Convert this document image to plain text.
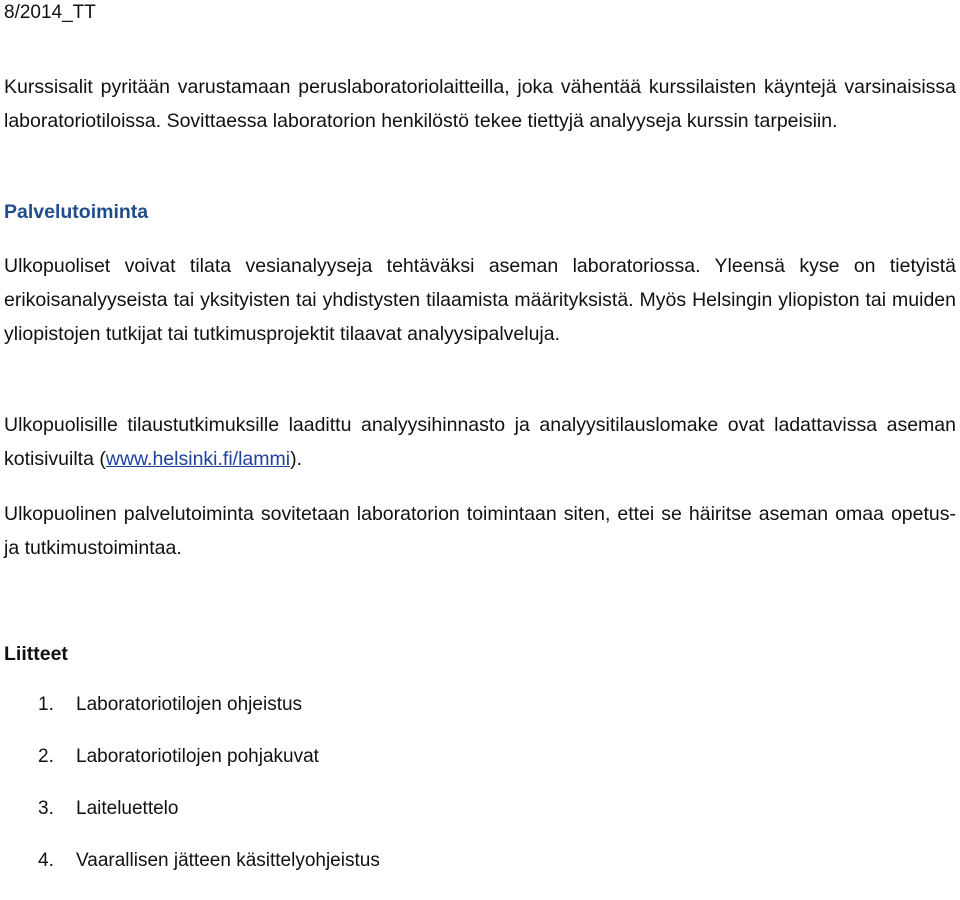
8/2014_TT

Kurssisalit pyritään varustamaan peruslaboratoriolaitteilla, joka vähentää kurssilaisten käyntejä varsinaisissa laboratoriotiloissa. Sovittaessa laboratorion henkilöstö tekee tiettyjä analyyseja kurssin tarpeisiin.

Palvelutoiminta

Ulkopuoliset voivat tilata vesianalyyseja tehtäväksi aseman laboratoriossa. Yleensä kyse on tietyistä erikoisanalyyseista tai yksityisten tai yhdistysten tilaamista määrityksistä. Myös Helsingin yliopiston tai muiden yliopistojen tutkijat tai tutkimusprojektit tilaavat analyysipalveluja.

Ulkopuolisille tilaustutkimuksille laadittu analyysihinnasto ja analyysitilauslomake ovat ladattavissa aseman kotisivuilta (www.helsinki.fi/lammi).

Ulkopuolinen palvelutoiminta sovitetaan laboratorion toimintaan siten, ettei se häiritse aseman omaa opetus- ja tutkimustoimintaa.

Liitteet
1. Laboratoriotilojen ohjeistus
2. Laboratoriotilojen pohjakuvat
3. Laiteluettelo
4. Vaarallisen jätteen käsittelyohjeistus
